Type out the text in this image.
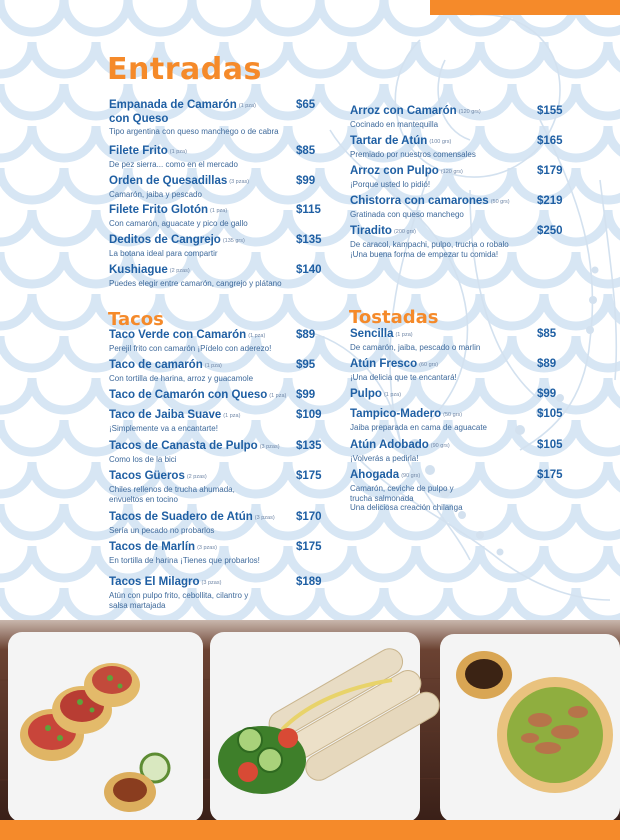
Entradas
Empanada de Camarón (1 pza)
con Queso
Tipo argentina con queso manchego o de cabra
$65
Filete Frito (1 pza)
De pez sierra... como en el mercado
$85
Orden de Quesadillas (3 pzas)
Camarón, jaiba y pescado
$99
Filete Frito Glotón (1 pza)
Con camarón, aguacate y pico de gallo
$115
Deditos de Cangrejo (135 grs)
La botana ideal para compartir
$135
Kushiague (2 pzas)
Puedes elegir entre camarón, cangrejo y plátano
$140
Arroz con Camarón (120 grs)
Cocinado en mantequilla
$155
Tartar de Atún (100 grs)
Premiado por nuestros comensales
$165
Arroz con Pulpo (120 grs)
¡Porque usted lo pidió!
$179
Chistorra con camarones (50 grs)
Gratinada con queso manchego
$219
Tiradito (200 grs)
De caracol, kampachi, pulpo, trucha o robalo
¡Una buena forma de empezar tu comida!
$250
Tacos
Taco Verde con Camarón (1 pza)
Perejil frito con camarón ¡Pídelo con aderezo!
$89
Taco de camarón (1 pza)
Con tortilla de harina, arroz y guacamole
$95
Taco de Camarón con Queso (1 pza) $99
Taco de Jaiba Suave (1 pza)
¡Simplemente va a encantarte!
$109
Tacos de Canasta de Pulpo (3 pzas)
Como los de la bici
$135
Tacos Güeros (2 pzas)
Chiles rellenos de trucha ahumada,
envueltos en tocino
$175
Tacos de Suadero de Atún (3 pzas)
Sería un pecado no probarlos
$170
Tacos de Marlín (3 pzas)
En tortilla de harina ¡Tienes que probarlos!
$175
Tacos El Milagro (3 pzas)
Atún con pulpo frito, cebollita, cilantro y
salsa martajada
$189
Tostadas
Sencilla (1 pza)
De camarón, jaiba, pescado o marlin
$85
Atún Fresco (60 grs)
¡Una delicia que te encantará!
$89
Pulpo (1 pza)	$99
Tampico-Madero (50 grs)
Jaiba preparada en cama de aguacate
$105
Atún Adobado (90 grs)
¡Volverás a pedirla!
$105
Ahogada (90 grs)
Camarón, ceviche de pulpo y
trucha salmonada
Una deliciosa creación chilanga
$175
